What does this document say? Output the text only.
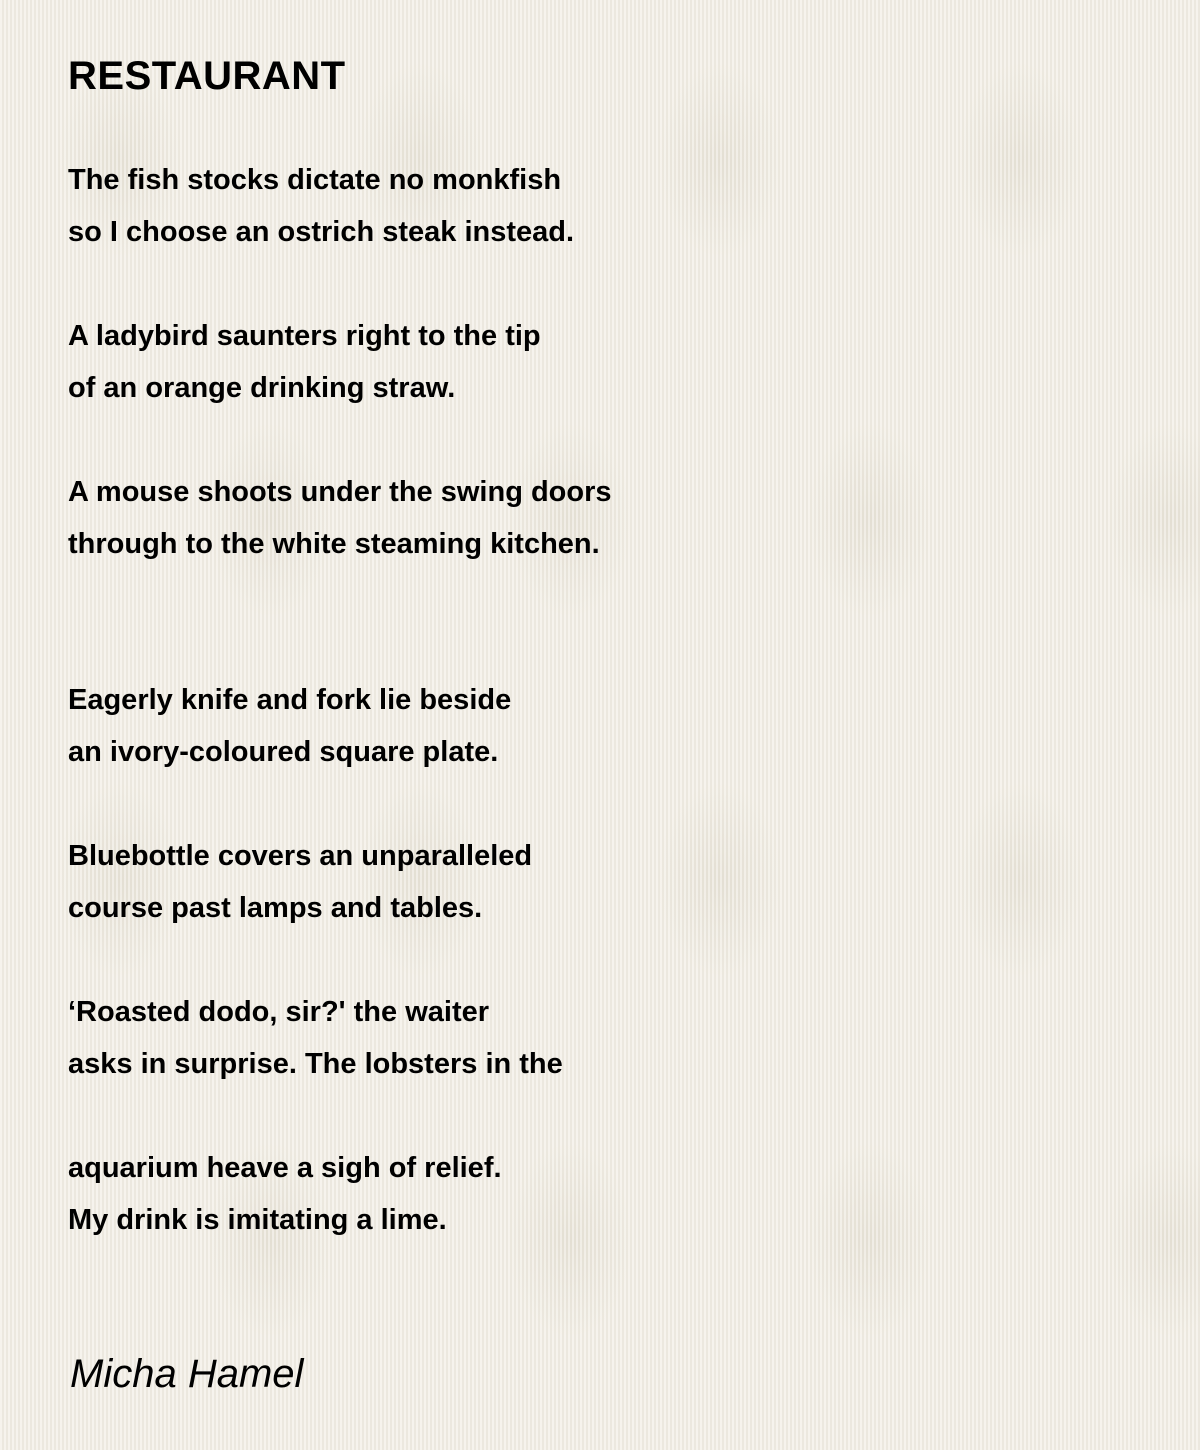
RESTAURANT

The fish stocks dictate no monkfish
so I choose an ostrich steak instead.

A ladybird saunters right to the tip
of an orange drinking straw.

A mouse shoots under the swing doors
through to the white steaming kitchen.

Eagerly knife and fork lie beside
an ivory-coloured square plate.

Bluebottle covers an unparalleled
course past lamps and tables.

‘Roasted dodo, sir?' the waiter
asks in surprise. The lobsters in the

aquarium heave a sigh of relief.
My drink is imitating a lime.

Micha Hamel
